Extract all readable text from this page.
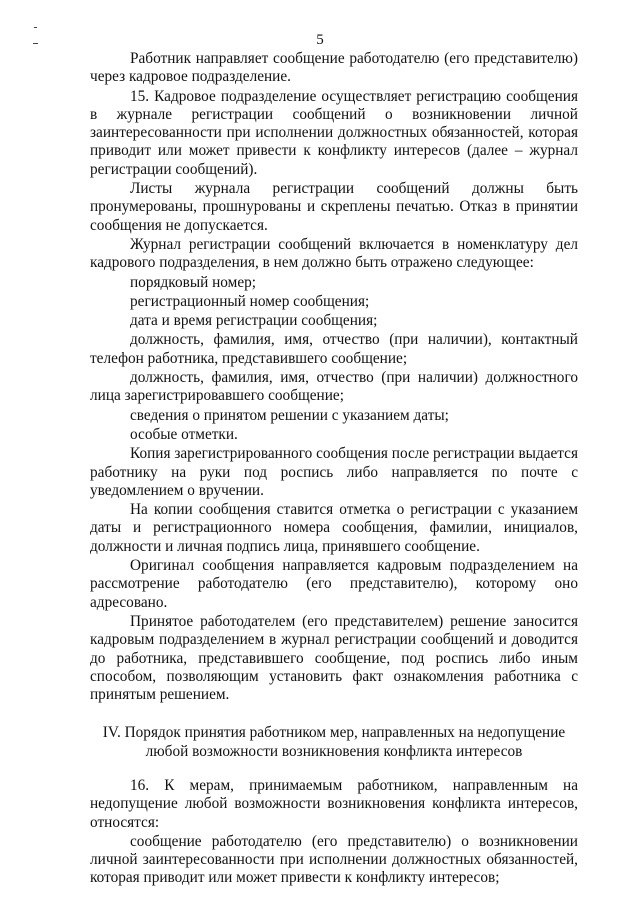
5

Работник направляет сообщение работодателю (его представителю) через кадровое подразделение.

15. Кадровое подразделение осуществляет регистрацию сообщения в журнале регистрации сообщений о возникновении личной заинтересованности при исполнении должностных обязанностей, которая приводит или может привести к конфликту интересов (далее – журнал регистрации сообщений).

Листы журнала регистрации сообщений должны быть пронумерованы, прошнурованы и скреплены печатью. Отказ в принятии сообщения не допускается.

Журнал регистрации сообщений включается в номенклатуру дел кадрового подразделения, в нем должно быть отражено следующее:

порядковый номер;

регистрационный номер сообщения;

дата и время регистрации сообщения;

должность, фамилия, имя, отчество (при наличии), контактный телефон работника, представившего сообщение;

должность, фамилия, имя, отчество (при наличии) должностного лица зарегистрировавшего сообщение;

сведения о принятом решении с указанием даты;

особые отметки.

Копия зарегистрированного сообщения после регистрации выдается работнику на руки под роспись либо направляется по почте с уведомлением о вручении.

На копии сообщения ставится отметка о регистрации с указанием даты и регистрационного номера сообщения, фамилии, инициалов, должности и личная подпись лица, принявшего сообщение.

Оригинал сообщения направляется кадровым подразделением на рассмотрение работодателю (его представителю), которому оно адресовано.

Принятое работодателем (его представителем) решение заносится кадровым подразделением в журнал регистрации сообщений и доводится до работника, представившего сообщение, под роспись либо иным способом, позволяющим установить факт ознакомления работника с принятым решением.

IV. Порядок принятия работником мер, направленных на недопущение любой возможности возникновения конфликта интересов

16. К мерам, принимаемым работником, направленным на недопущение любой возможности возникновения конфликта интересов, относятся:

сообщение работодателю (его представителю) о возникновении личной заинтересованности при исполнении должностных обязанностей, которая приводит или может привести к конфликту интересов;
